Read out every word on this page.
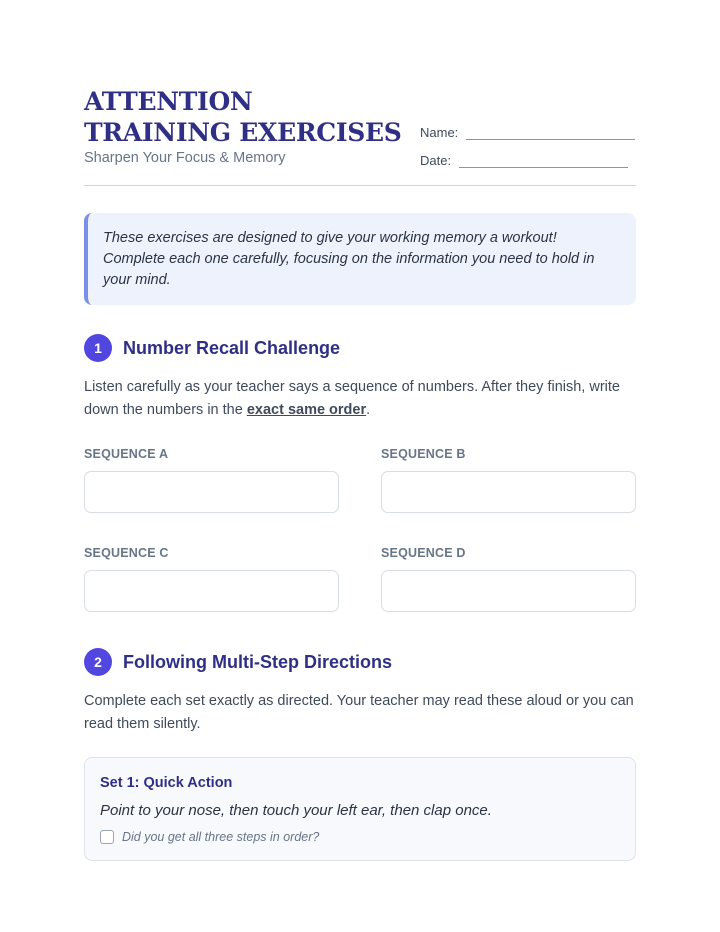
ATTENTION TRAINING EXERCISES
Sharpen Your Focus & Memory
Name:
Date:
These exercises are designed to give your working memory a workout! Complete each one carefully, focusing on the information you need to hold in your mind.
1	Number Recall Challenge
Listen carefully as your teacher says a sequence of numbers. After they finish, write down the numbers in the exact same order.
SEQUENCE A	SEQUENCE B
SEQUENCE C	SEQUENCE D
2	Following Multi-Step Directions
Complete each set exactly as directed. Your teacher may read these aloud or you can read them silently.
Set 1: Quick Action
Point to your nose, then touch your left ear, then clap once.
Did you get all three steps in order?
